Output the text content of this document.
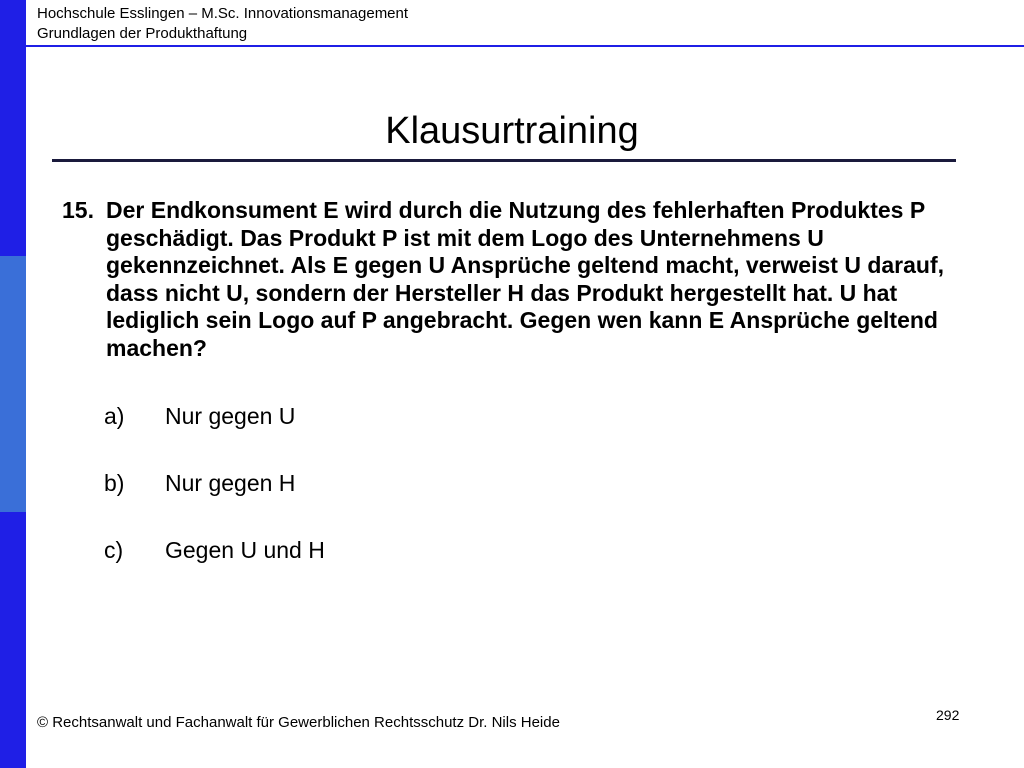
Hochschule Esslingen – M.Sc. Innovationsmanagement
Grundlagen der Produkthaftung
Klausurtraining
15. Der Endkonsument E wird durch die Nutzung des fehlerhaften Produktes P geschädigt. Das Produkt P ist mit dem Logo des Unternehmens U gekennzeichnet. Als E gegen U Ansprüche geltend macht, verweist U darauf, dass nicht U, sondern der Hersteller H das Produkt hergestellt hat. U hat lediglich sein Logo auf P angebracht. Gegen wen kann E Ansprüche geltend machen?
a)	Nur gegen U
b)	Nur gegen H
c)	Gegen U und H
© Rechtsanwalt und Fachanwalt für Gewerblichen Rechtsschutz Dr. Nils Heide	292
